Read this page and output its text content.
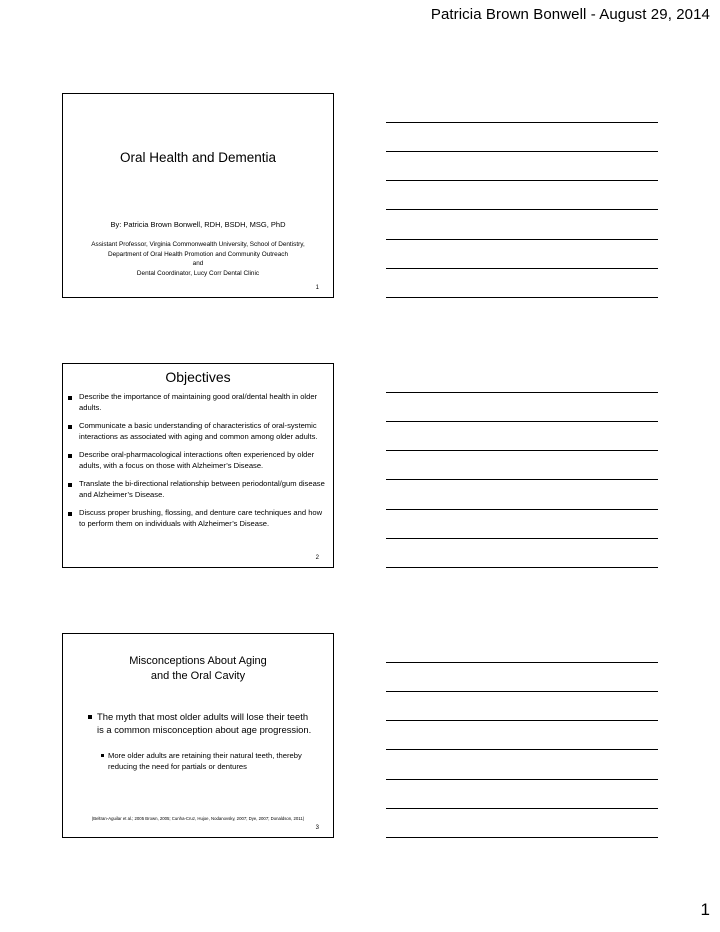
Patricia Brown Bonwell - August 29, 2014
Oral Health and Dementia
By: Patricia Brown Bonwell, RDH, BSDH, MSG, PhD
Assistant Professor, Virginia Commonwealth University, School of Dentistry,
Department of Oral Health Promotion and Community Outreach
and
Dental Coordinator, Lucy Corr Dental Clinic
1
Objectives
Describe the importance of maintaining good oral/dental health in older adults.
Communicate a basic understanding of characteristics of oral-systemic interactions as associated with aging and common among older adults.
Describe oral-pharmacological interactions often experienced by older adults, with a focus on those with Alzheimer’s Disease.
Translate the bi-directional relationship between periodontal/gum disease and Alzheimer’s Disease.
Discuss proper brushing, flossing, and denture care techniques and how to perform them on individuals with Alzheimer’s Disease.
2
Misconceptions About Aging
and the Oral Cavity
The myth that most older adults will lose their teeth is a common misconception about age progression.
More older adults are retaining their natural teeth, thereby reducing the need for partials or dentures
(Beltran-Aguilar et al.; 2005 Brown, 2005; Cunha-Cruz, Hujoe, Nodanovsky, 2007; Dye, 2007; Donaldson, 2011)
3
1
